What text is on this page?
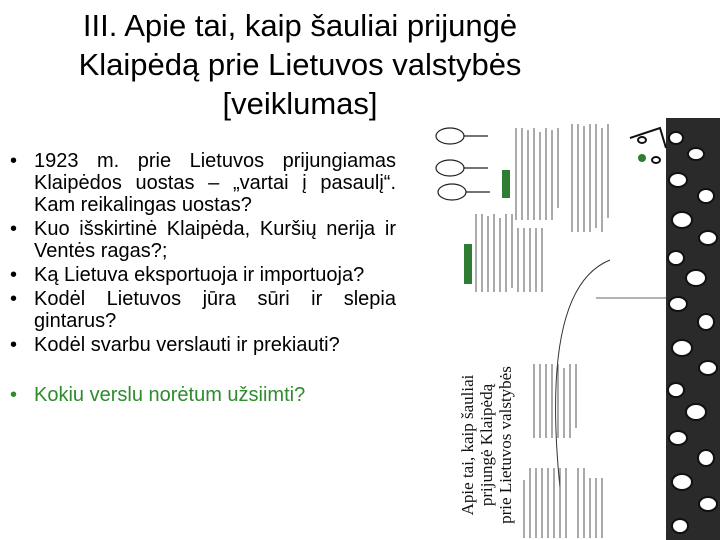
III. Apie tai, kaip šauliai prijungė
Klaipėdą prie Lietuvos valstybės
[veiklumas]
• 1923 m. prie Lietuvos prijungiamas Klaipėdos uostas – „vartai į pasaulį“. Kam reikalingas uostas?
• Kuo išskirtinė Klaipėda, Kuršių nerija ir Ventės ragas?;
• Ką Lietuva eksportuoja ir importuoja?
• Kodėl Lietuvos jūra sūri ir slepia gintarus?
• Kodėl svarbu verslauti ir prekiauti?
• Kokiu verslu norėtum užsiimti?	Apie tai, kaip šauliai prijungė Klaipėdą prie Lietuvos valstybės
